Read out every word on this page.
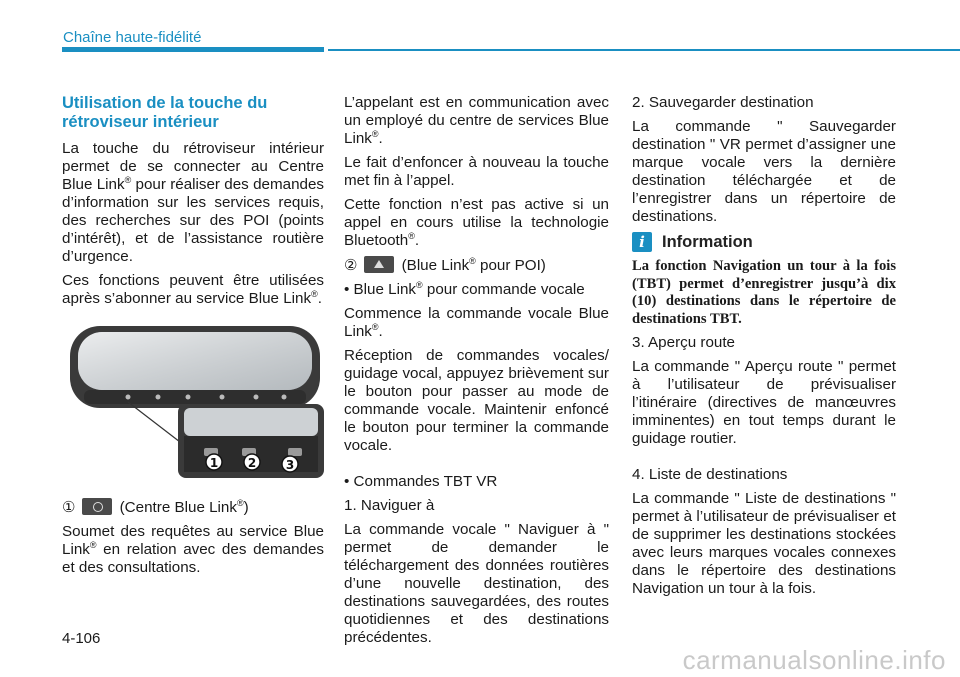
Chaîne haute-fidélité
Utilisation de la touche du rétroviseur intérieur

La touche du rétroviseur intérieur permet de se connecter au Centre Blue Link® pour réaliser des demandes d’information sur les services requis, des recherches sur des POI (points d’intérêt), et de l’assistance routière d’urgence.

Ces fonctions peuvent être utilisées après s’abonner au service Blue Link®.

1 2 3

①	(Centre Blue Link®)

Soumet des requêtes au service Blue Link® en relation avec des demandes et des consultations.

L’appelant est en communication avec un employé du centre de services Blue Link®.

Le fait d’enfoncer à nouveau la touche met fin à l’appel.

Cette fonction n’est pas active si un appel en cours utilise la technologie Bluetooth®.

②	(Blue Link® pour POI)

• Blue Link® pour commande vocale

Commence la commande vocale Blue Link®.

Réception de commandes vocales/ guidage vocal, appuyez brièvement sur le bouton pour passer au mode de commande vocale. Maintenir enfoncé le bouton pour terminer la commande vocale.

• Commandes TBT VR

1. Naviguer à

La commande vocale " Naviguer à " permet de demander le téléchargement des données routières d’une nouvelle destination, des destinations sauvegardées, des routes quotidiennes et des destinations précédentes.

2. Sauvegarder destination

La commande " Sauvegarder destination " VR permet d’assigner une marque vocale vers la dernière destination téléchargée et de l’enregistrer dans un répertoire de destinations.

i	Information

La fonction Navigation un tour à la fois (TBT) permet d’enregistrer jusqu’à dix (10) destinations dans le répertoire de destinations TBT.

3. Aperçu route

La commande " Aperçu route " permet à l’utilisateur de prévisualiser l’itinéraire (directives de manœuvres imminentes) en tout temps durant le guidage routier.

4. Liste de destinations

La commande " Liste de destinations " permet à l’utilisateur de prévisualiser et de supprimer les destinations stockées avec leurs marques vocales connexes dans le répertoire des destinations Navigation un tour à la fois.

4-106
carmanualsonline.info
